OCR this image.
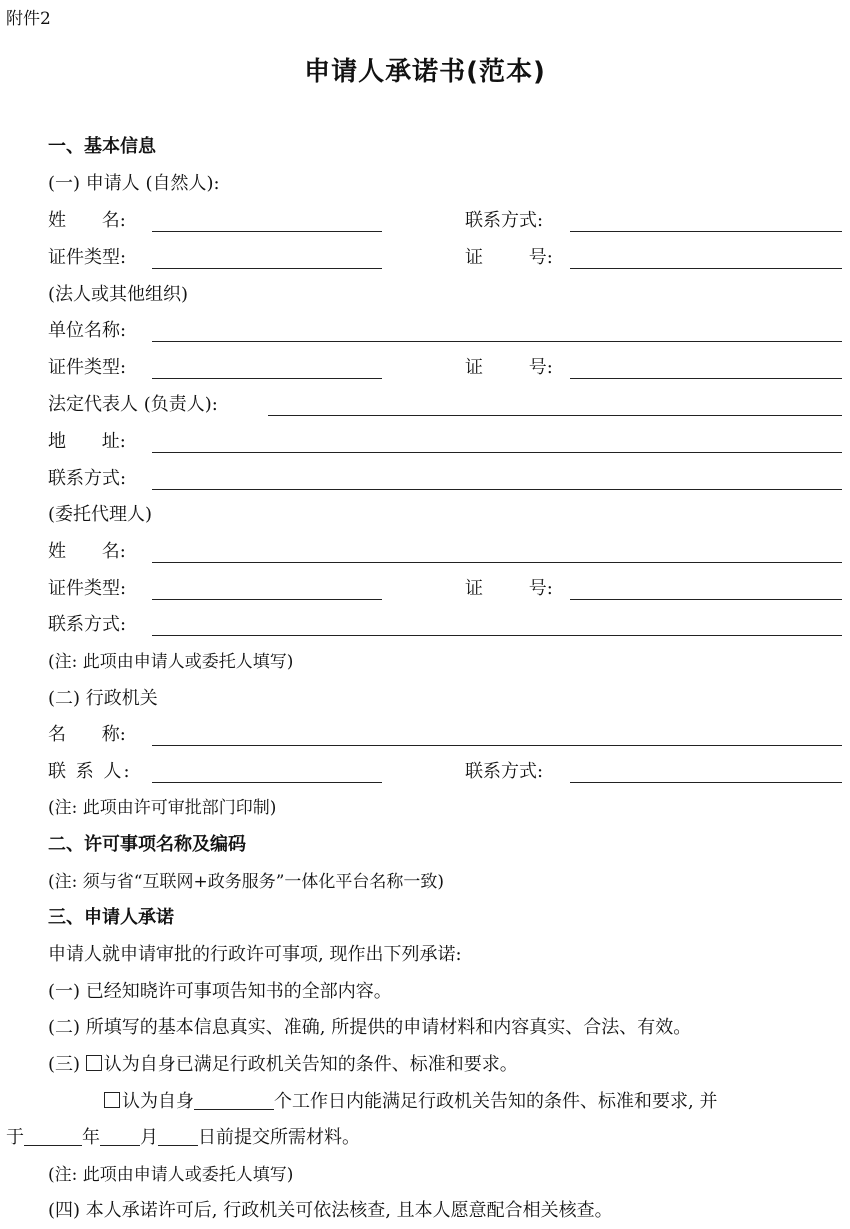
附件2
申请人承诺书(范本)
一、基本信息
(一) 申请人 (自然人):
姓 名:	联系方式:
证件类型:	证 号:
(法人或其他组织)
单位名称:
证件类型:	证 号:
法定代表人 (负责人):
地 址:
联系方式:
(委托代理人)
姓 名:
证件类型:	证 号:
联系方式:
(注: 此项由申请人或委托人填写)
(二) 行政机关
名 称:
联 系 人:	联系方式:
(注: 此项由许可审批部门印制)
二、许可事项名称及编码
(注: 须与省“互联网+政务服务”一体化平台名称一致)
三、申请人承诺
申请人就申请审批的行政许可事项, 现作出下列承诺:
(一) 已经知晓许可事项告知书的全部内容。
(二) 所填写的基本信息真实、准确, 所提供的申请材料和内容真实、合法、有效。
(三) 认为自身已满足行政机关告知的条件、标准和要求。
认为自身	个工作日内能满足行政机关告知的条件、标准和要求, 并
于	年 月 日前提交所需材料。
(注: 此项由申请人或委托人填写)
(四) 本人承诺许可后, 行政机关可依法核查, 且本人愿意配合相关核查。
